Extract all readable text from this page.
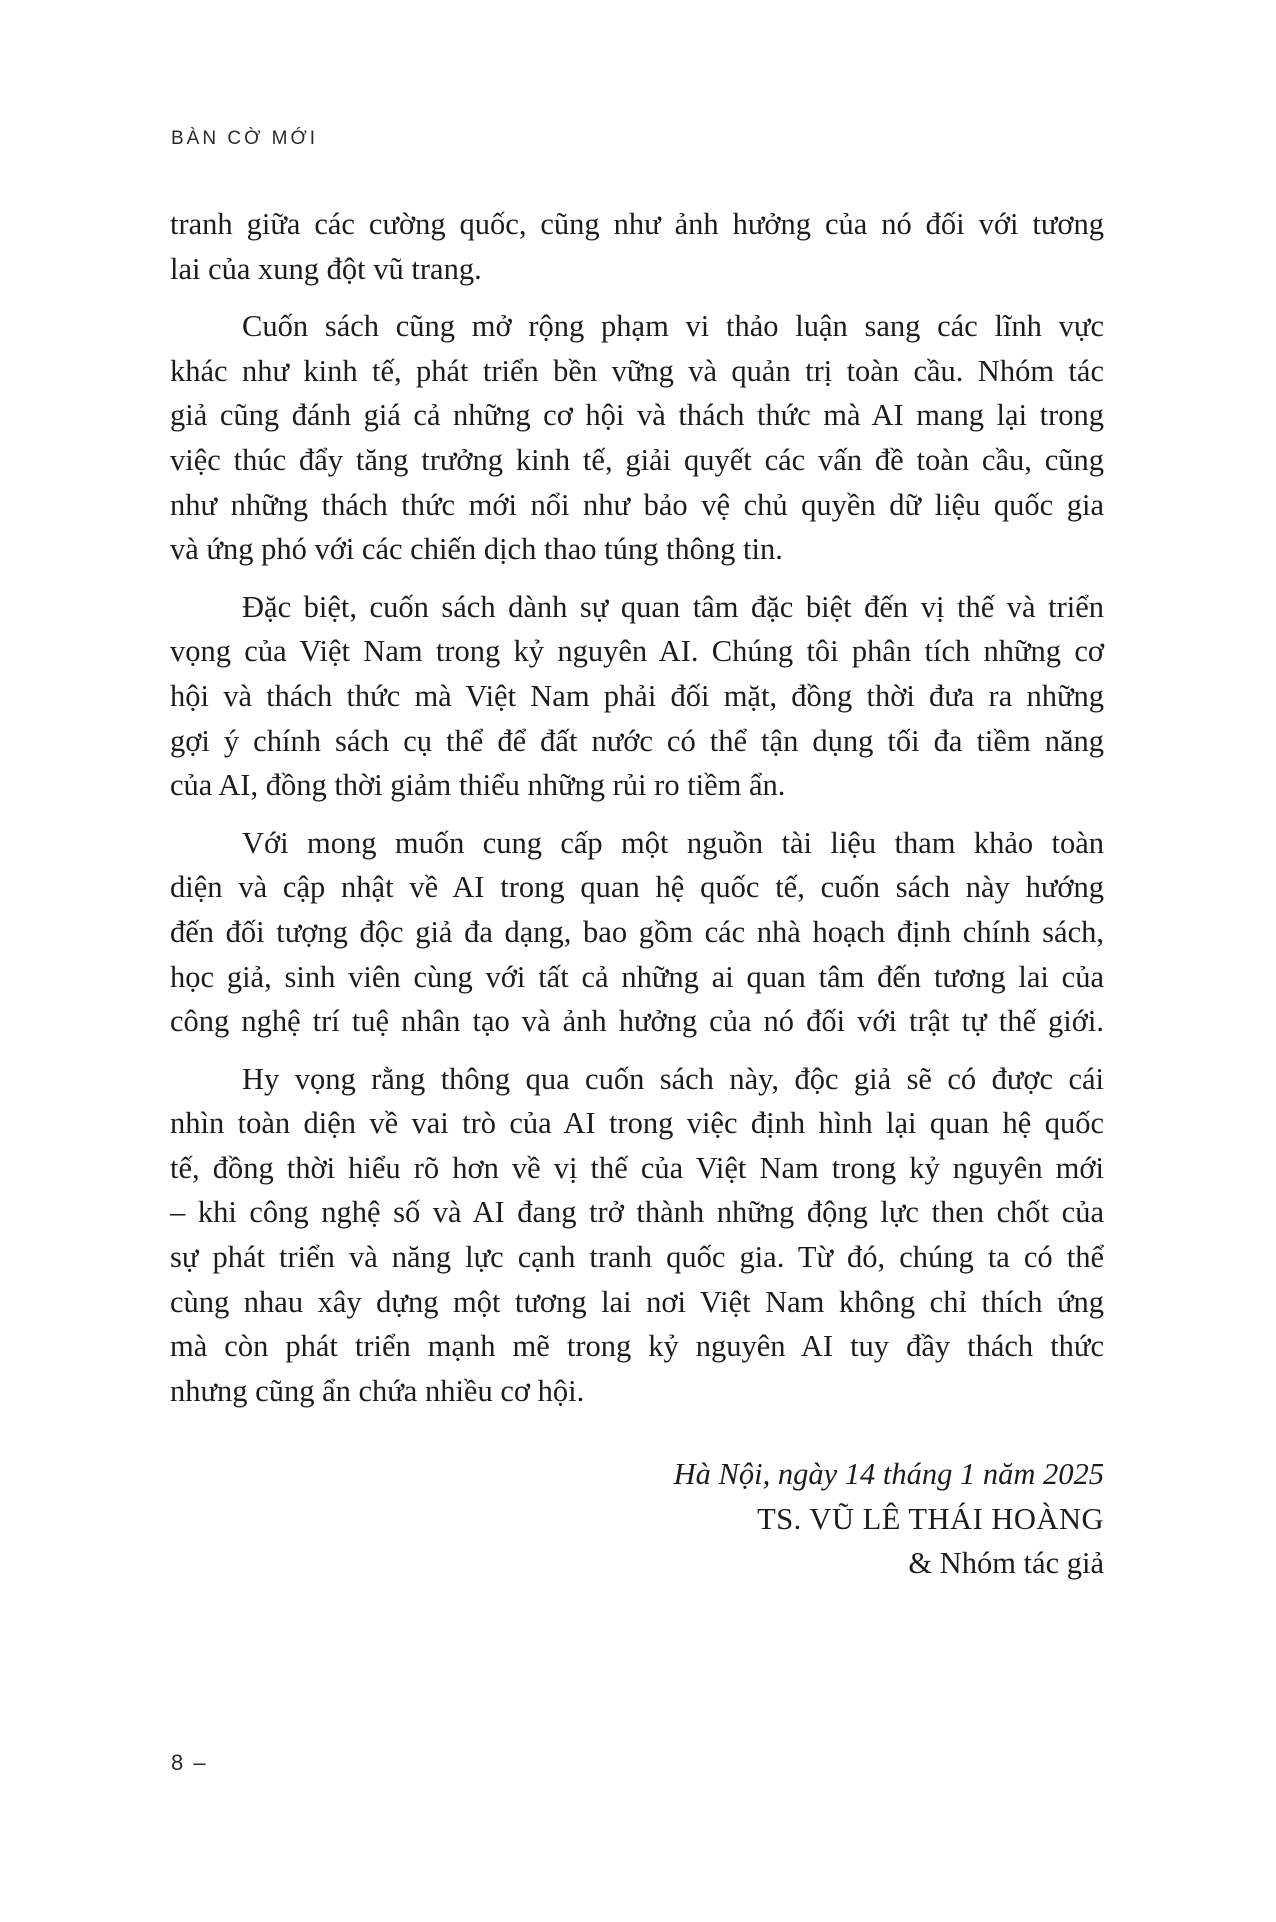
BÀN CỜ MỚI

tranh giữa các cường quốc, cũng như ảnh hưởng của nó đối với tương
lai của xung đột vũ trang.

Cuốn sách cũng mở rộng phạm vi thảo luận sang các lĩnh vực
khác như kinh tế, phát triển bền vững và quản trị toàn cầu. Nhóm tác
giả cũng đánh giá cả những cơ hội và thách thức mà AI mang lại trong
việc thúc đẩy tăng trưởng kinh tế, giải quyết các vấn đề toàn cầu, cũng
như những thách thức mới nổi như bảo vệ chủ quyền dữ liệu quốc gia
và ứng phó với các chiến dịch thao túng thông tin.

Đặc biệt, cuốn sách dành sự quan tâm đặc biệt đến vị thế và triển
vọng của Việt Nam trong kỷ nguyên AI. Chúng tôi phân tích những cơ
hội và thách thức mà Việt Nam phải đối mặt, đồng thời đưa ra những
gợi ý chính sách cụ thể để đất nước có thể tận dụng tối đa tiềm năng
của AI, đồng thời giảm thiểu những rủi ro tiềm ẩn.

Với mong muốn cung cấp một nguồn tài liệu tham khảo toàn
diện và cập nhật về AI trong quan hệ quốc tế, cuốn sách này hướng
đến đối tượng độc giả đa dạng, bao gồm các nhà hoạch định chính sách,
học giả, sinh viên cùng với tất cả những ai quan tâm đến tương lai của
công nghệ trí tuệ nhân tạo và ảnh hưởng của nó đối với trật tự thế giới.

Hy vọng rằng thông qua cuốn sách này, độc giả sẽ có được cái
nhìn toàn diện về vai trò của AI trong việc định hình lại quan hệ quốc
tế, đồng thời hiểu rõ hơn về vị thế của Việt Nam trong kỷ nguyên mới
– khi công nghệ số và AI đang trở thành những động lực then chốt của
sự phát triển và năng lực cạnh tranh quốc gia. Từ đó, chúng ta có thể
cùng nhau xây dựng một tương lai nơi Việt Nam không chỉ thích ứng
mà còn phát triển mạnh mẽ trong kỷ nguyên AI tuy đầy thách thức
nhưng cũng ẩn chứa nhiều cơ hội.

Hà Nội, ngày 14 tháng 1 năm 2025
TS. VŨ LÊ THÁI HOÀNG
& Nhóm tác giả
8 –
